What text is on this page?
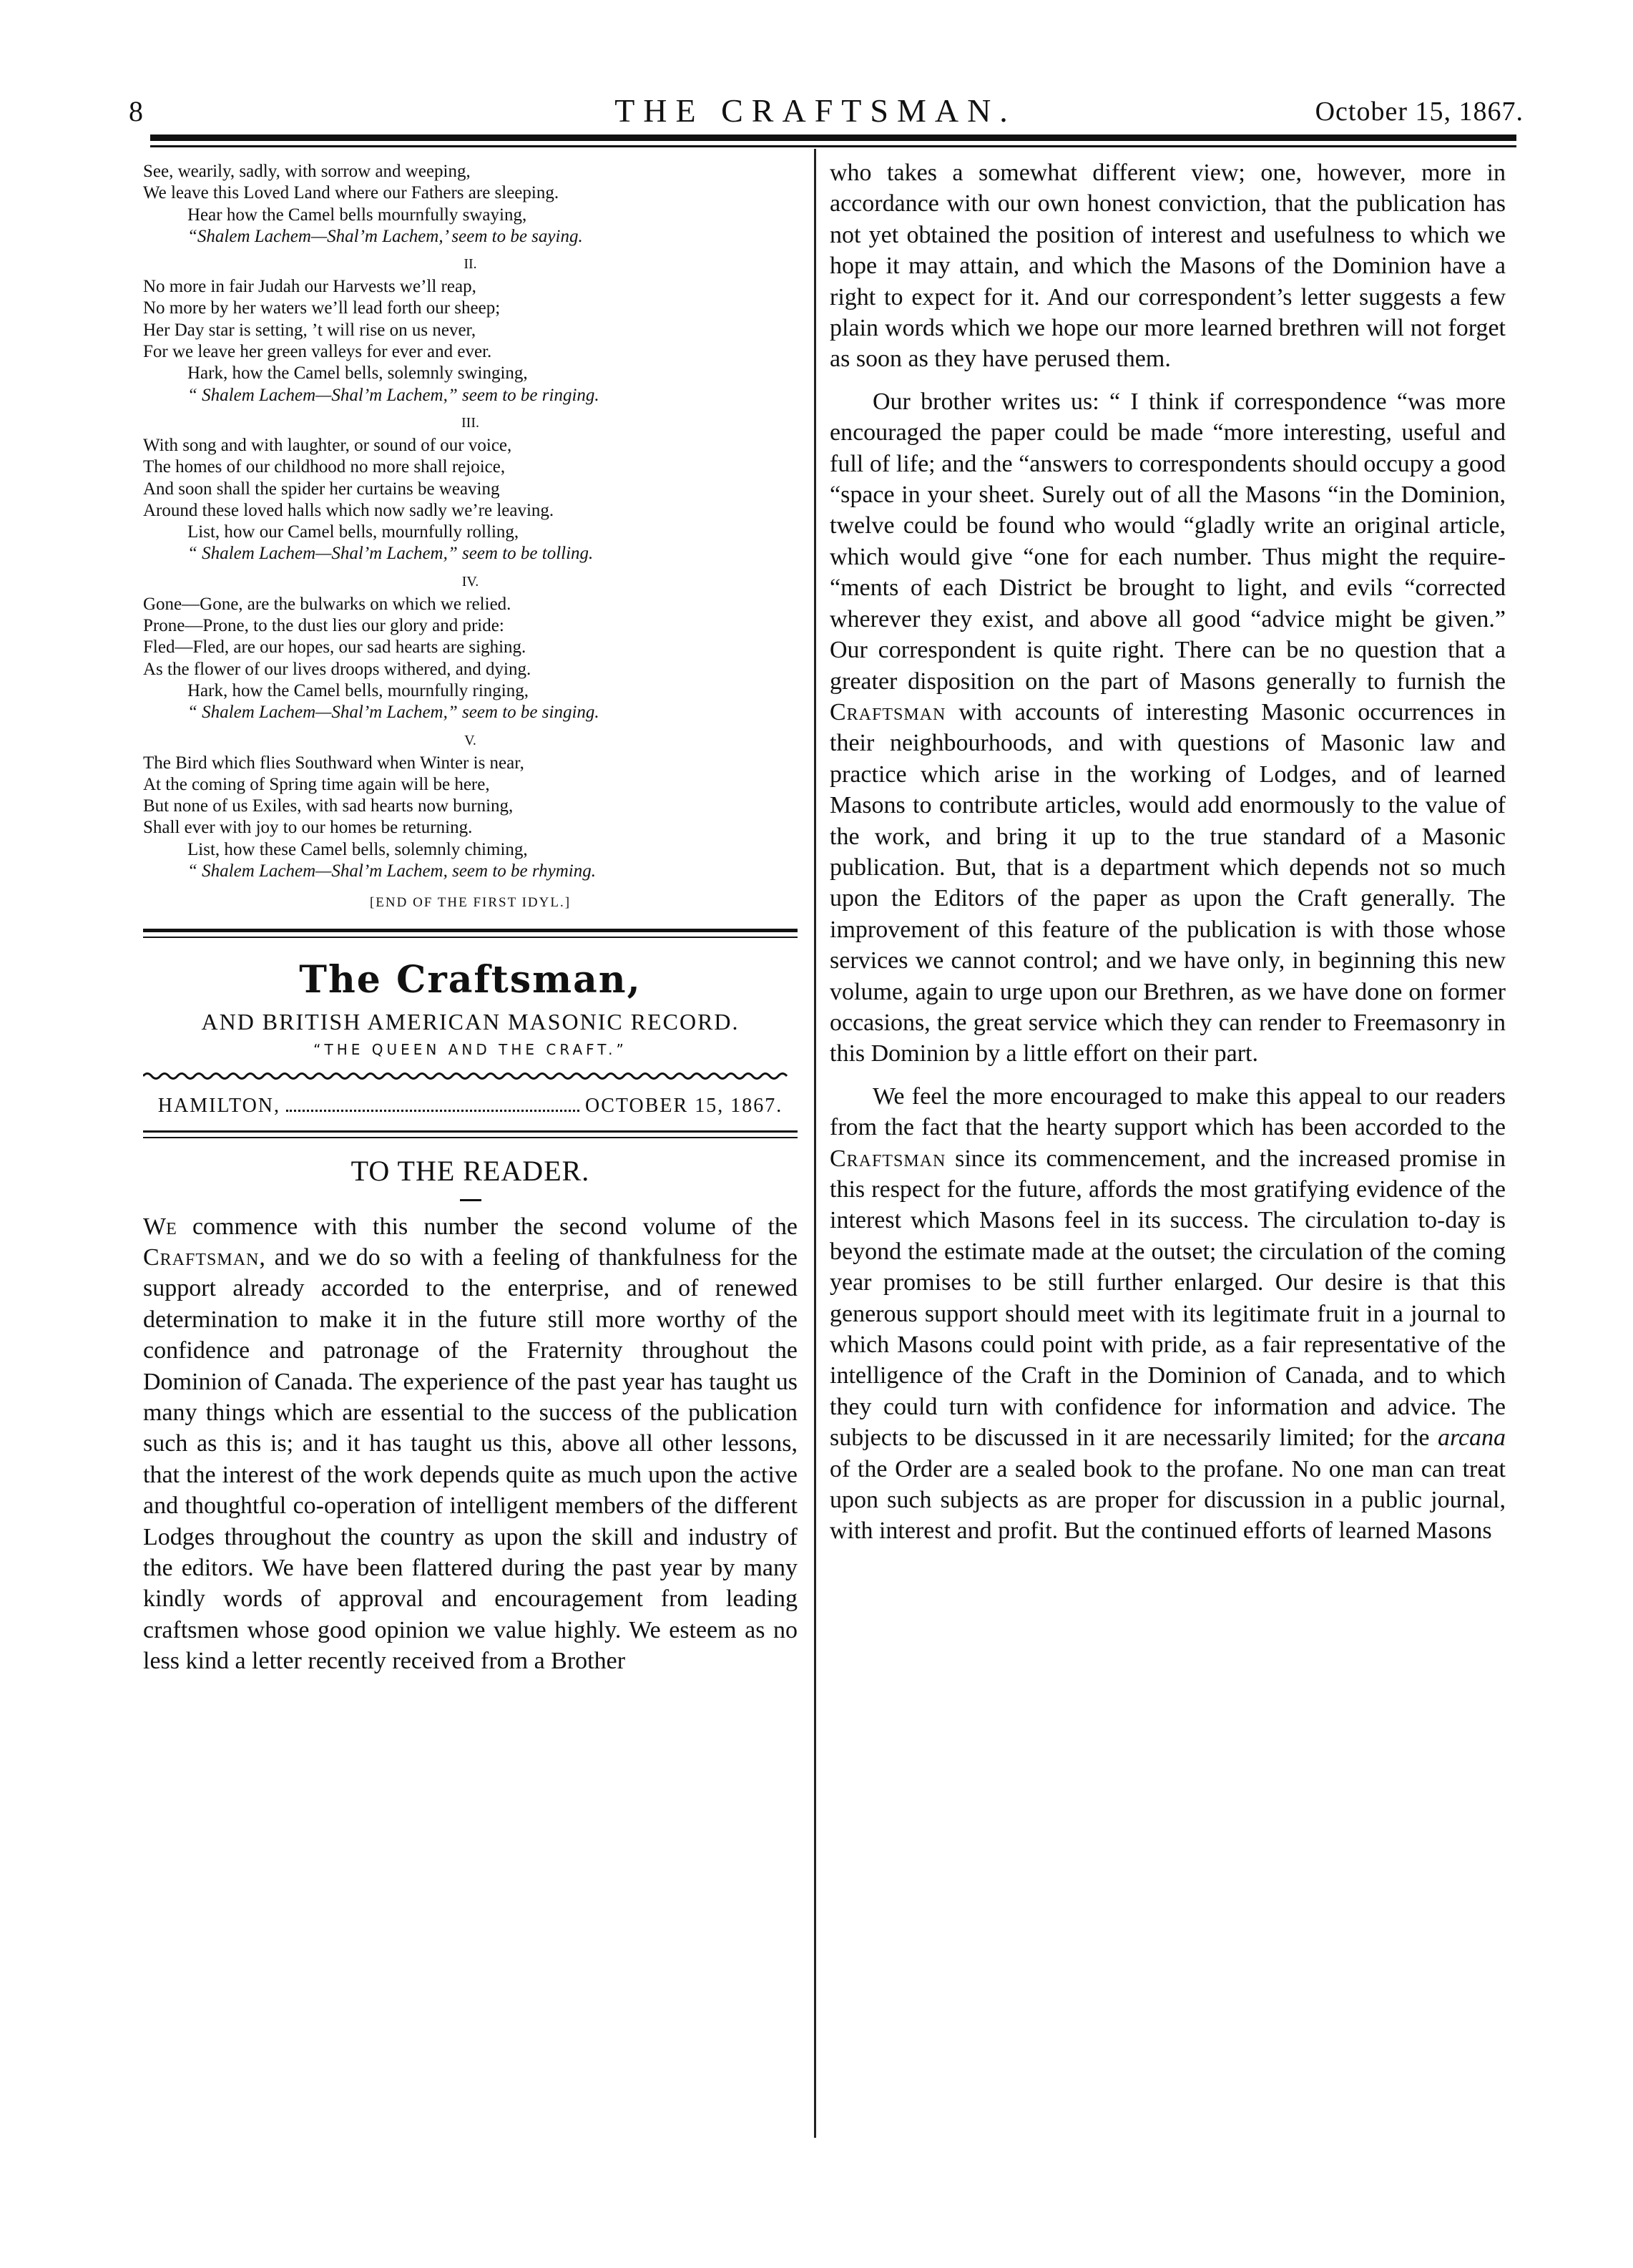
8	THE CRAFTSMAN.	October 15, 1867.
See, wearily, sadly, with sorrow and weeping,
We leave this Loved Land where our Fathers are sleeping.
Hear how the Camel bells mournfully swaying,
“Shalem Lachem—Shal’m Lachem,’ seem to be saying.
II.
No more in fair Judah our Harvests we’ll reap,
No more by her waters we’ll lead forth our sheep;
Her Day star is setting, ’t will rise on us never,
For we leave her green valleys for ever and ever.
Hark, how the Camel bells, solemnly swinging,
“ Shalem Lachem—Shal’m Lachem,” seem to be ringing.
III.
With song and with laughter, or sound of our voice,
The homes of our childhood no more shall rejoice,
And soon shall the spider her curtains be weaving
Around these loved halls which now sadly we’re leaving.
List, how our Camel bells, mournfully rolling,
“ Shalem Lachem—Shal’m Lachem,” seem to be tolling.
IV.
Gone—Gone, are the bulwarks on which we relied.
Prone—Prone, to the dust lies our glory and pride:
Fled—Fled, are our hopes, our sad hearts are sighing.
As the flower of our lives droops withered, and dying.
Hark, how the Camel bells, mournfully ringing,
“ Shalem Lachem—Shal’m Lachem,” seem to be singing.
V.
The Bird which flies Southward when Winter is near,
At the coming of Spring time again will be here,
But none of us Exiles, with sad hearts now burning,
Shall ever with joy to our homes be returning.
List, how these Camel bells, solemnly chiming,
“ Shalem Lachem—Shal’m Lachem, seem to be rhyming.
[END OF THE FIRST IDYL.]
The Craftsman,
AND BRITISH AMERICAN MASONIC RECORD.
“THE QUEEN AND THE CRAFT.”
HAMILTON,	OCTOBER 15, 1867.
TO THE READER.

We commence with this number the second volume of the Craftsman, and we do so with a feeling of thankfulness for the support already accorded to the enterprise, and of renewed determination to make it in the future still more worthy of the confidence and patronage of the Fraternity throughout the Dominion of Canada. The experience of the past year has taught us many things which are essential to the success of the publication such as this is; and it has taught us this, above all other lessons, that the interest of the work depends quite as much upon the active and thoughtful co-operation of intelligent members of the different Lodges throughout the country as upon the skill and industry of the editors. We have been flattered during the past year by many kindly words of approval and encouragement from leading craftsmen whose good opinion we value highly. We esteem as no less kind a letter recently received from a Brother

who takes a somewhat different view; one, however, more in accordance with our own honest conviction, that the publication has not yet obtained the position of interest and usefulness to which we hope it may attain, and which the Masons of the Dominion have a right to expect for it. And our correspondent’s letter suggests a few plain words which we hope our more learned brethren will not forget as soon as they have perused them.

Our brother writes us: “ I think if correspondence “was more encouraged the paper could be made “more interesting, useful and full of life; and the “answers to correspondents should occupy a good “space in your sheet. Surely out of all the Masons “in the Dominion, twelve could be found who would “gladly write an original article, which would give “one for each number. Thus might the require- “ments of each District be brought to light, and evils “corrected wherever they exist, and above all good “advice might be given.” Our correspondent is quite right. There can be no question that a greater disposition on the part of Masons generally to furnish the Craftsman with accounts of interesting Masonic occurrences in their neighbourhoods, and with questions of Masonic law and practice which arise in the working of Lodges, and of learned Masons to contribute articles, would add enormously to the value of the work, and bring it up to the true standard of a Masonic publication. But, that is a department which depends not so much upon the Editors of the paper as upon the Craft generally. The improvement of this feature of the publication is with those whose services we cannot control; and we have only, in beginning this new volume, again to urge upon our Brethren, as we have done on former occasions, the great service which they can render to Freemasonry in this Dominion by a little effort on their part.

We feel the more encouraged to make this appeal to our readers from the fact that the hearty support which has been accorded to the Craftsman since its commencement, and the increased promise in this respect for the future, affords the most gratifying evidence of the interest which Masons feel in its success. The circulation to-day is beyond the estimate made at the outset; the circulation of the coming year promises to be still further enlarged. Our desire is that this generous support should meet with its legitimate fruit in a journal to which Masons could point with pride, as a fair representative of the intelligence of the Craft in the Dominion of Canada, and to which they could turn with confidence for information and advice. The subjects to be discussed in it are necessarily limited; for the arcana of the Order are a sealed book to the profane. No one man can treat upon such subjects as are proper for discussion in a public journal, with interest and profit. But the continued efforts of learned Masons
